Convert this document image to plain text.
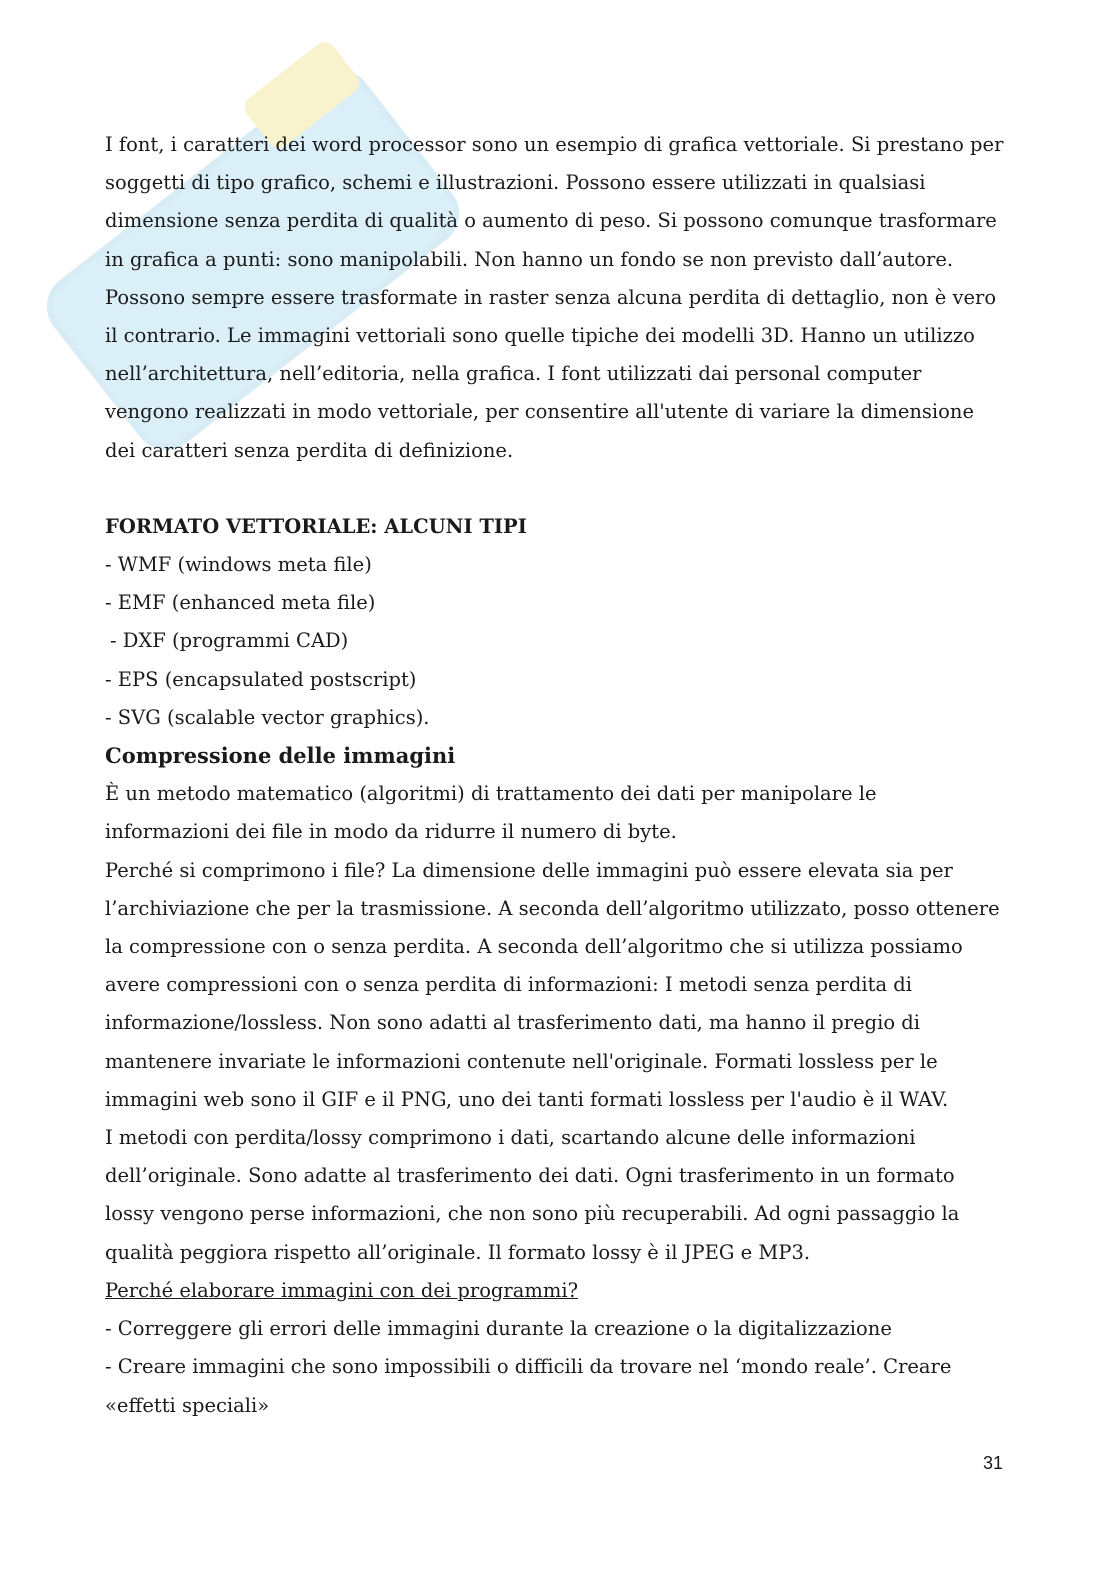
I font, i caratteri dei word processor sono un esempio di grafica vettoriale. Si prestano per soggetti di tipo grafico, schemi e illustrazioni. Possono essere utilizzati in qualsiasi dimensione senza perdita di qualità o aumento di peso. Si possono comunque trasformare in grafica a punti: sono manipolabili. Non hanno un fondo se non previsto dall’autore. Possono sempre essere trasformate in raster senza alcuna perdita di dettaglio, non è vero il contrario. Le immagini vettoriali sono quelle tipiche dei modelli 3D. Hanno un utilizzo nell’architettura, nell’editoria, nella grafica. I font utilizzati dai personal computer vengono realizzati in modo vettoriale, per consentire all'utente di variare la dimensione dei caratteri senza perdita di definizione.

FORMATO VETTORIALE: ALCUNI TIPI

- WMF (windows meta file)

- EMF (enhanced meta file)

- DXF (programmi CAD)

- EPS (encapsulated postscript)

- SVG (scalable vector graphics).

Compressione delle immagini

È un metodo matematico (algoritmi) di trattamento dei dati per manipolare le informazioni dei file in modo da ridurre il numero di byte.

Perché si comprimono i file? La dimensione delle immagini può essere elevata sia per l’archiviazione che per la trasmissione. A seconda dell’algoritmo utilizzato, posso ottenere la compressione con o senza perdita. A seconda dell’algoritmo che si utilizza possiamo avere compressioni con o senza perdita di informazioni: I metodi senza perdita di informazione/lossless. Non sono adatti al trasferimento dati, ma hanno il pregio di mantenere invariate le informazioni contenute nell'originale. Formati lossless per le immagini web sono il GIF e il PNG, uno dei tanti formati lossless per l'audio è il WAV.

I metodi con perdita/lossy comprimono i dati, scartando alcune delle informazioni dell’originale. Sono adatte al trasferimento dei dati. Ogni trasferimento in un formato lossy vengono perse informazioni, che non sono più recuperabili. Ad ogni passaggio la qualità peggiora rispetto all’originale. Il formato lossy è il JPEG e MP3.

Perché elaborare immagini con dei programmi?

- Correggere gli errori delle immagini durante la creazione o la digitalizzazione

- Creare immagini che sono impossibili o difficili da trovare nel ‘mondo reale’. Creare «effetti speciali»

31
